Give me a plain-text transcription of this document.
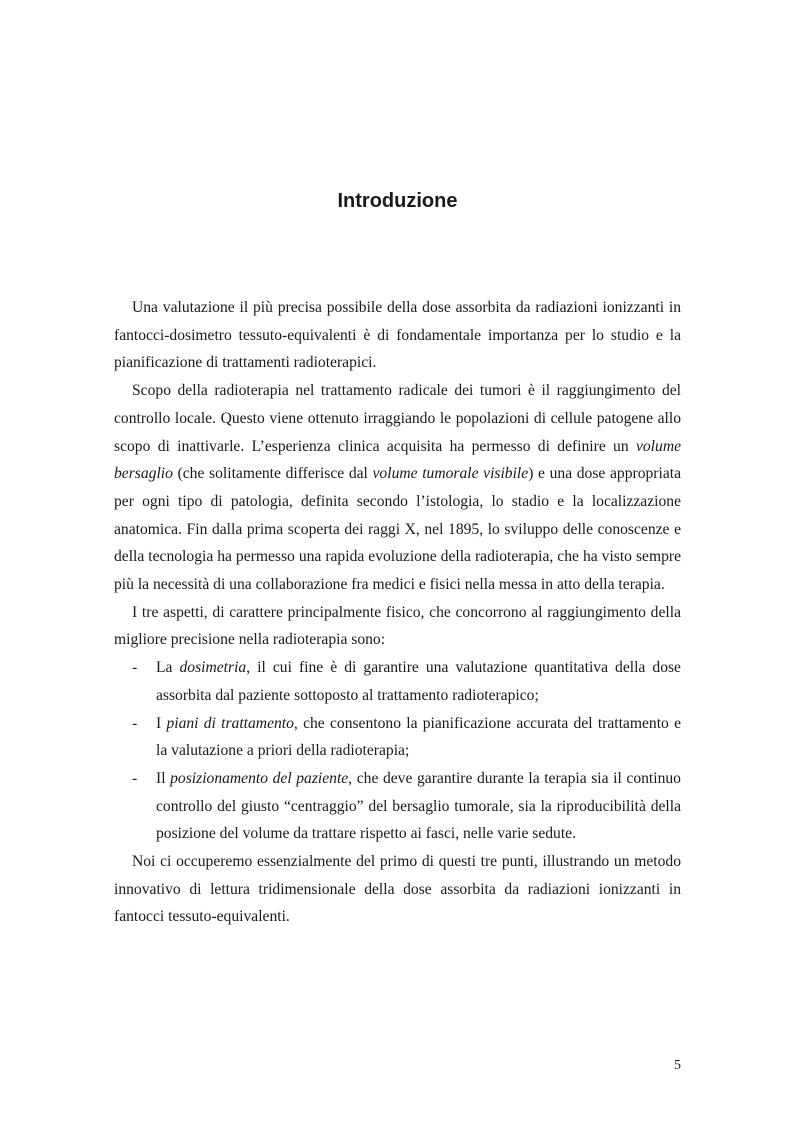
Introduzione

Una valutazione il più precisa possibile della dose assorbita da radiazioni ionizzanti in fantocci-dosimetro tessuto-equivalenti è di fondamentale importanza per lo studio e la pianificazione di trattamenti radioterapici.

Scopo della radioterapia nel trattamento radicale dei tumori è il raggiungimento del controllo locale. Questo viene ottenuto irraggiando le popolazioni di cellule patogene allo scopo di inattivarle. L’esperienza clinica acquisita ha permesso di definire un volume bersaglio (che solitamente differisce dal volume tumorale visibile) e una dose appropriata per ogni tipo di patologia, definita secondo l’istologia, lo stadio e la localizzazione anatomica. Fin dalla prima scoperta dei raggi X, nel 1895, lo sviluppo delle conoscenze e della tecnologia ha permesso una rapida evoluzione della radioterapia, che ha visto sempre più la necessità di una collaborazione fra medici e fisici nella messa in atto della terapia.

I tre aspetti, di carattere principalmente fisico, che concorrono al raggiungimento della migliore precisione nella radioterapia sono:

- La dosimetria, il cui fine è di garantire una valutazione quantitativa della dose assorbita dal paziente sottoposto al trattamento radioterapico;
- I piani di trattamento, che consentono la pianificazione accurata del trattamento e la valutazione a priori della radioterapia;
- Il posizionamento del paziente, che deve garantire durante la terapia sia il continuo controllo del giusto “centraggio” del bersaglio tumorale, sia la riproducibilità della posizione del volume da trattare rispetto ai fasci, nelle varie sedute.

Noi ci occuperemo essenzialmente del primo di questi tre punti, illustrando un metodo innovativo di lettura tridimensionale della dose assorbita da radiazioni ionizzanti in fantocci tessuto-equivalenti.

5
